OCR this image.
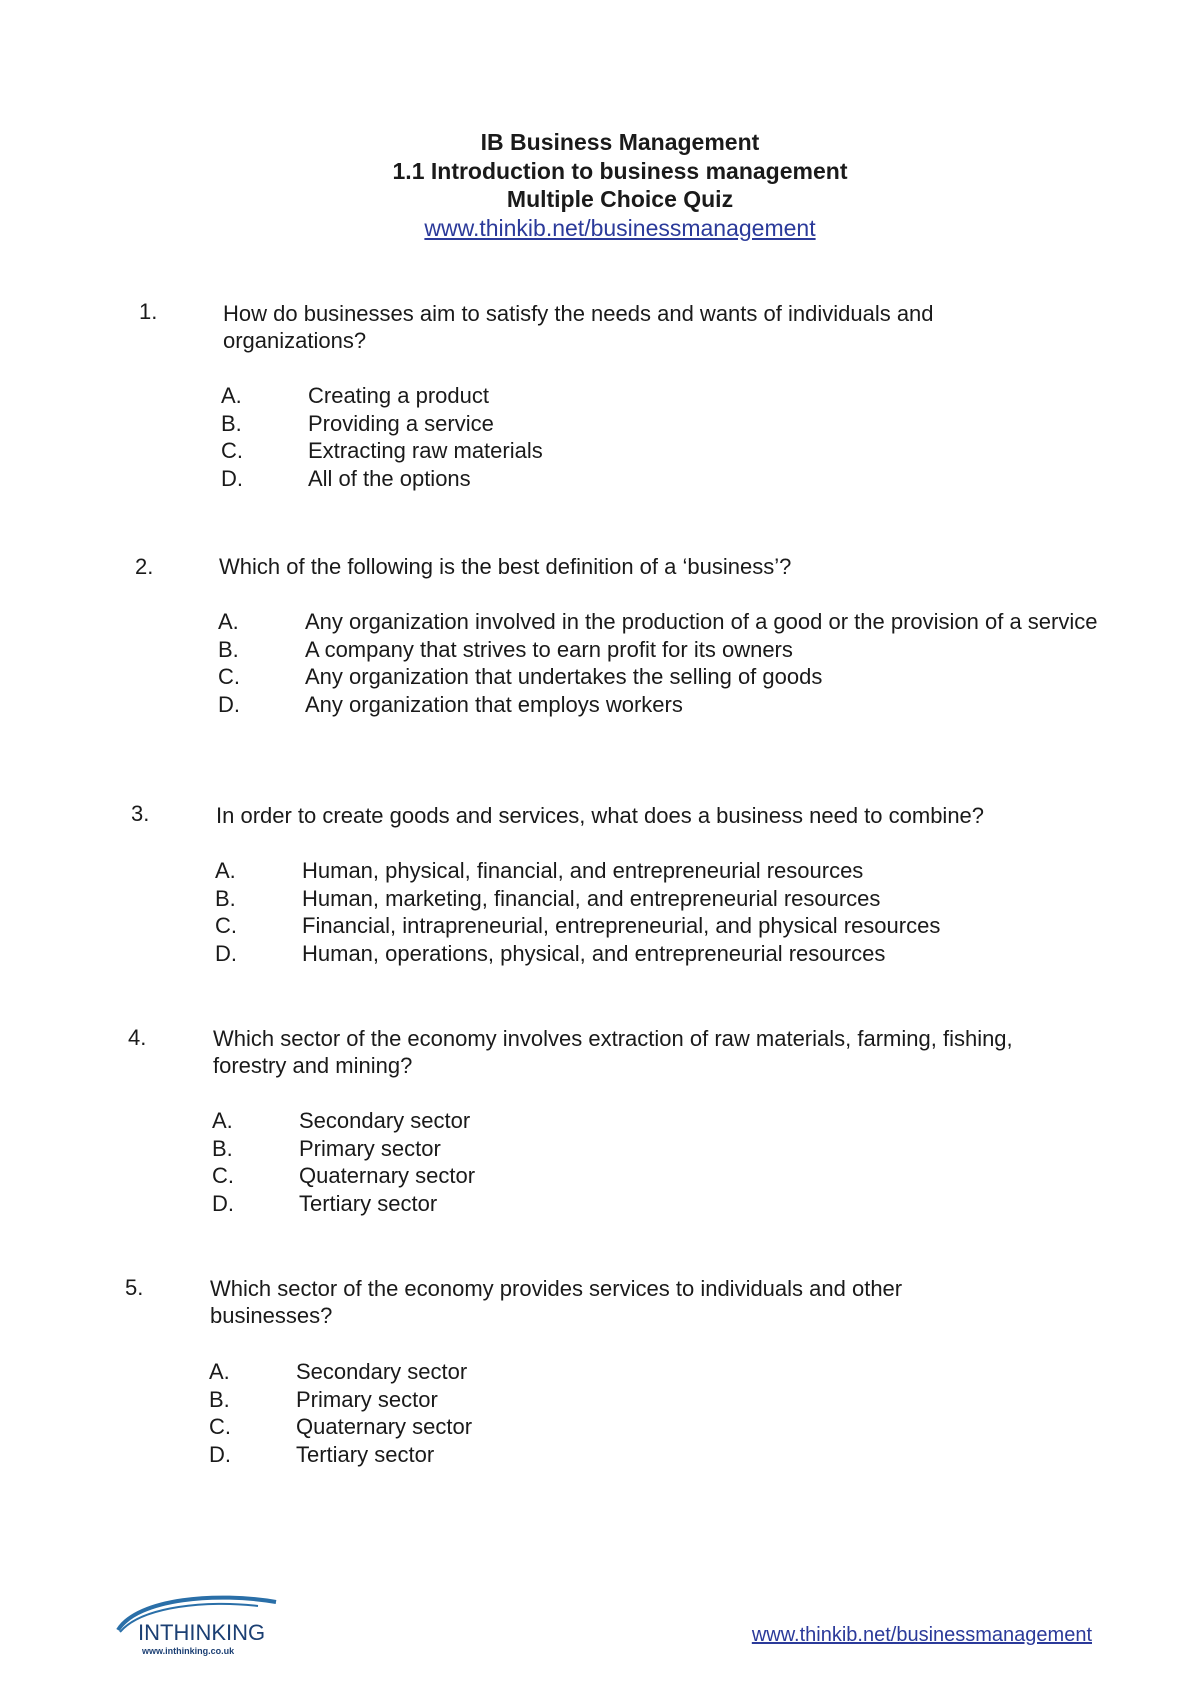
IB Business Management

1.1 Introduction to business management

Multiple Choice Quiz

www.thinkib.net/businessmanagement
1.	How do businesses aim to satisfy the needs and wants of individuals and organizations?

A.	Creating a product
B.	Providing a service
C.	Extracting raw materials
D.	All of the options
2.	Which of the following is the best definition of a ‘business’?

A.	Any organization involved in the production of a good or the provision of a service
B.	A company that strives to earn profit for its owners
C.	Any organization that undertakes the selling of goods
D.	Any organization that employs workers
3.	In order to create goods and services, what does a business need to combine?

A.	Human, physical, financial, and entrepreneurial resources
B.	Human, marketing, financial, and entrepreneurial resources
C.	Financial, intrapreneurial, entrepreneurial, and physical resources
D.	Human, operations, physical, and entrepreneurial resources
4.	Which sector of the economy involves extraction of raw materials, farming, fishing, forestry and mining?

A.	Secondary sector
B.	Primary sector
C.	Quaternary sector
D.	Tertiary sector
5.	Which sector of the economy provides services to individuals and other businesses?

A.	Secondary sector
B.	Primary sector
C.	Quaternary sector
D.	Tertiary sector
INTHINKING
www.inthinking.co.uk
www.thinkib.net/businessmanagement
